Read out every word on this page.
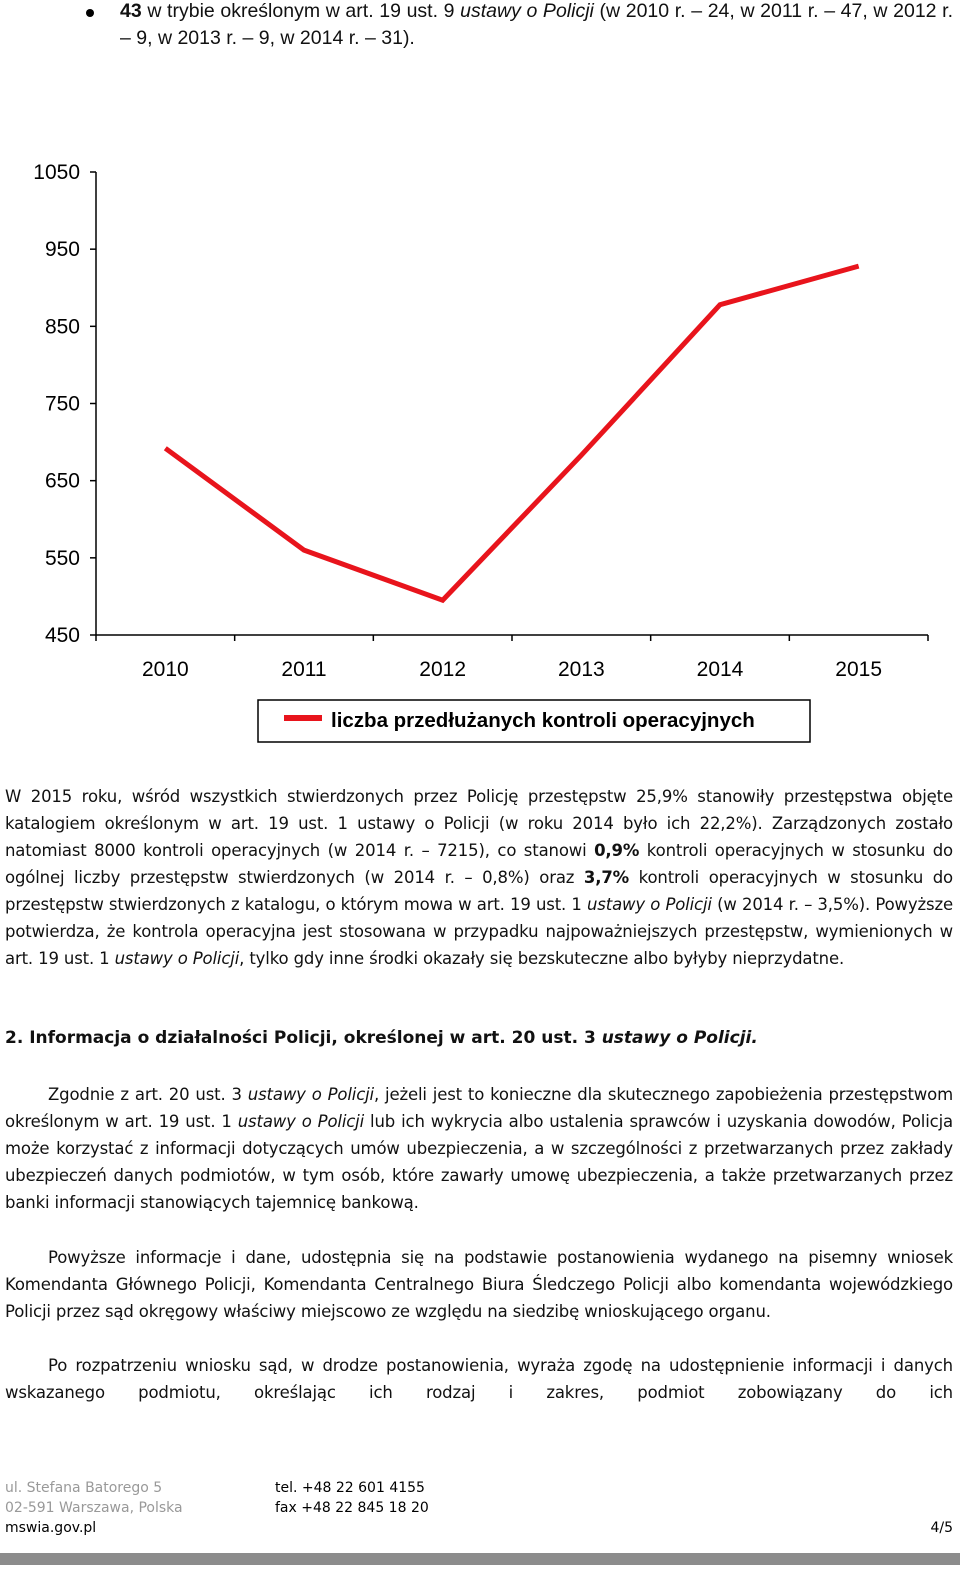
43 w trybie określonym w art. 19 ust. 9 ustawy o Policji (w 2010 r. – 24, w 2011 r. – 47, w 2012 r. – 9, w 2013 r. – 9, w 2014 r. – 31).
1050
950
850
750
650
550
450
2010	2011	2012	2013	2014	2015
liczba przedłużanych kontroli operacyjnych

W 2015 roku, wśród wszystkich stwierdzonych przez Policję przestępstw 25,9% stanowiły przestępstwa objęte katalogiem określonym w art. 19 ust. 1 ustawy o Policji (w roku 2014 było ich 22,2%). Zarządzonych zostało natomiast 8000 kontroli operacyjnych (w 2014 r. – 7215), co stanowi 0,9% kontroli operacyjnych w stosunku do ogólnej liczby przestępstw stwierdzonych (w 2014 r. – 0,8%) oraz 3,7% kontroli operacyjnych w stosunku do przestępstw stwierdzonych z katalogu, o którym mowa w art. 19 ust. 1 ustawy o Policji (w 2014 r. – 3,5%). Powyższe potwierdza, że kontrola operacyjna jest stosowana w przypadku najpoważniejszych przestępstw, wymienionych w art. 19 ust. 1 ustawy o Policji, tylko gdy inne środki okazały się bezskuteczne albo byłyby nieprzydatne.

2. Informacja o działalności Policji, określonej w art. 20 ust. 3 ustawy o Policji.

Zgodnie z art. 20 ust. 3 ustawy o Policji, jeżeli jest to konieczne dla skutecznego zapobieżenia przestępstwom określonym w art. 19 ust. 1 ustawy o Policji lub ich wykrycia albo ustalenia sprawców i uzyskania dowodów, Policja może korzystać z informacji dotyczących umów ubezpieczenia, a w szczególności z przetwarzanych przez zakłady ubezpieczeń danych podmiotów, w tym osób, które zawarły umowę ubezpieczenia, a także przetwarzanych przez banki informacji stanowiących tajemnicę bankową.

Powyższe informacje i dane, udostępnia się na podstawie postanowienia wydanego na pisemny wniosek Komendanta Głównego Policji, Komendanta Centralnego Biura Śledczego Policji albo komendanta wojewódzkiego Policji przez sąd okręgowy właściwy miejscowo ze względu na siedzibę wnioskującego organu.

Po rozpatrzeniu wniosku sąd, w drodze postanowienia, wyraża zgodę na udostępnienie informacji i danych wskazanego podmiotu, określając ich rodzaj i zakres, podmiot zobowiązany do ich

ul. Stefana Batorego 5
02-591 Warszawa, Polska
tel. +48 22 601 4155
fax +48 22 845 18 20
mswia.gov.pl	4/5
